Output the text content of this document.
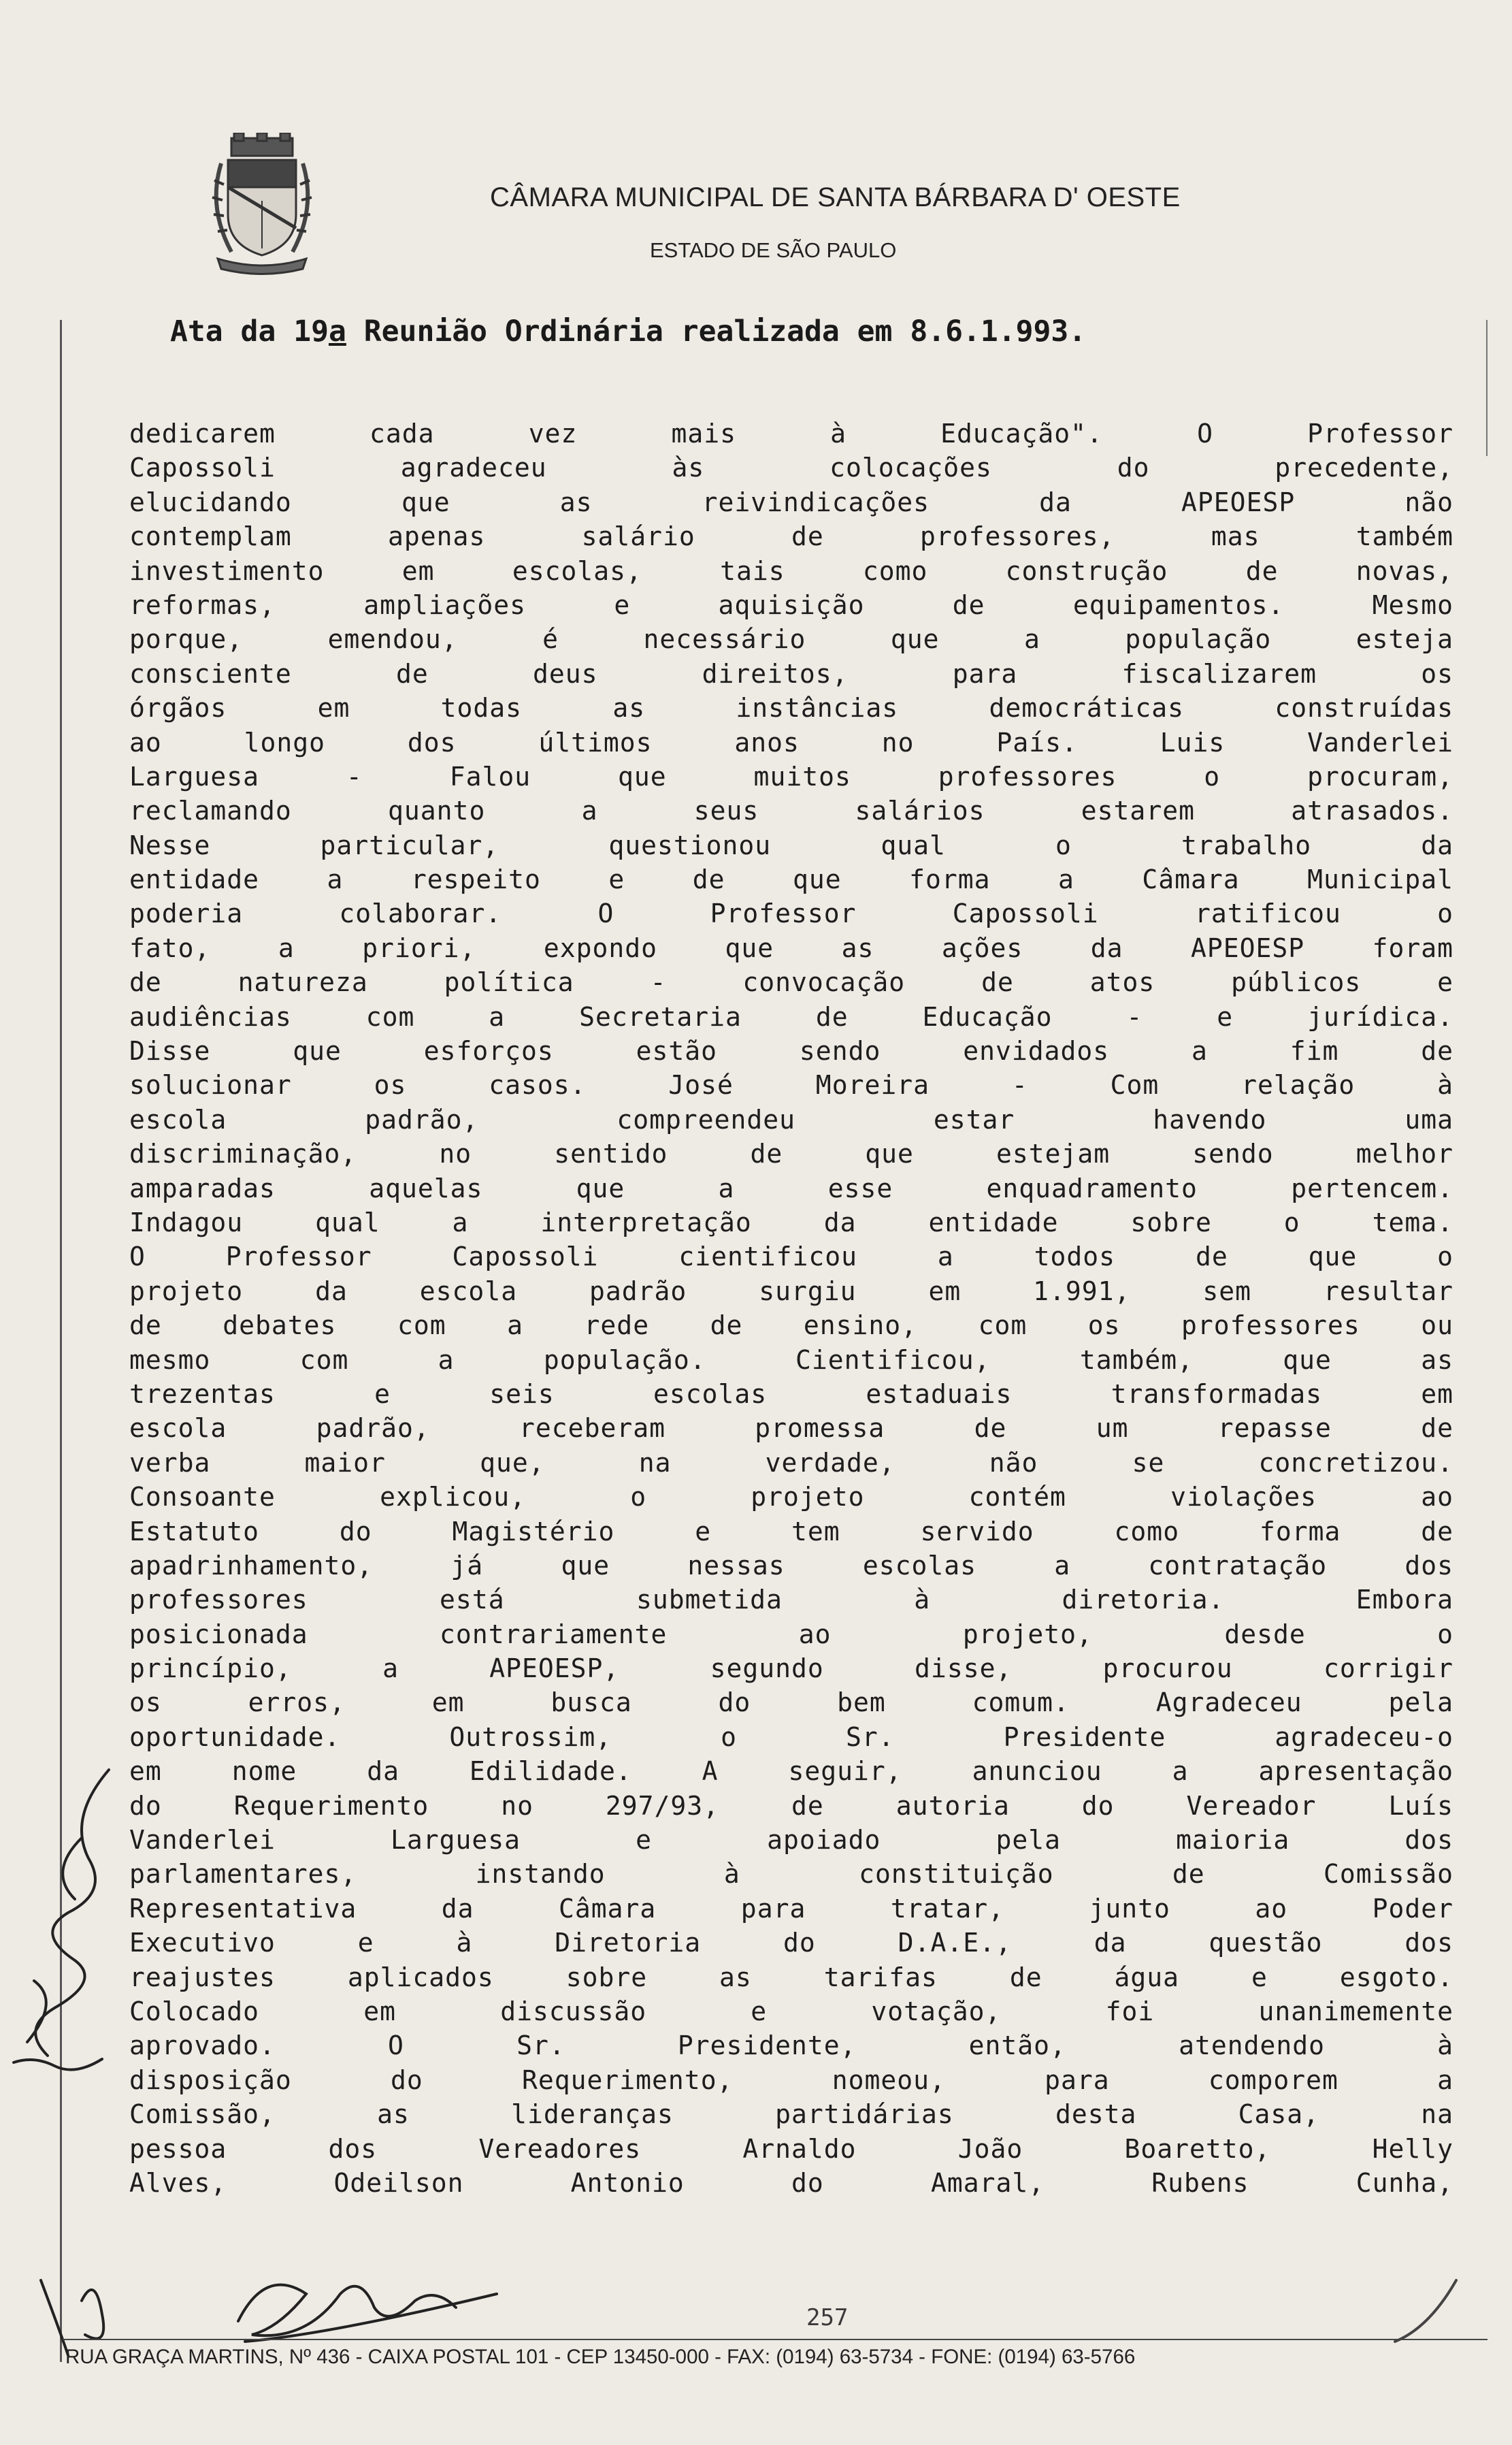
CÂMARA MUNICIPAL DE SANTA BÁRBARA D' OESTE
ESTADO DE SÃO PAULO
Ata da 19a Reunião Ordinária realizada em 8.6.1.993.
dedicarem cada vez mais à Educação". O Professor
Capossoli agradeceu às colocações do precedente,
elucidando que as reivindicações da APEOESP não
contemplam apenas salário de professores, mas também
investimento em escolas, tais como construção de novas,
reformas, ampliações e aquisição de equipamentos. Mesmo
porque, emendou, é necessário que a população esteja
consciente de deus direitos, para fiscalizarem os
órgãos em todas as instâncias democráticas construídas
ao longo dos últimos anos no País. Luis Vanderlei
Larguesa - Falou que muitos professores o procuram,
reclamando quanto a seus salários estarem atrasados.
Nesse particular, questionou qual o trabalho da
entidade a respeito e de que forma a Câmara Municipal
poderia colaborar. O Professor Capossoli ratificou o
fato, a priori, expondo que as ações da APEOESP foram
de natureza política - convocação de atos públicos e
audiências com a Secretaria de Educação - e jurídica.
Disse que esforços estão sendo envidados a fim de
solucionar os casos. José Moreira - Com relação à
escola padrão, compreendeu estar havendo uma
discriminação, no sentido de que estejam sendo melhor
amparadas aquelas que a esse enquadramento pertencem.
Indagou qual a interpretação da entidade sobre o tema.
O Professor Capossoli cientificou a todos de que o
projeto da escola padrão surgiu em 1.991, sem resultar
de debates com a rede de ensino, com os professores ou
mesmo com a população. Cientificou, também, que as
trezentas e seis escolas estaduais transformadas em
escola padrão, receberam promessa de um repasse de
verba maior que, na verdade, não se concretizou.
Consoante explicou, o projeto contém violações ao
Estatuto do Magistério e tem servido como forma de
apadrinhamento, já que nessas escolas a contratação dos
professores está submetida à diretoria. Embora
posicionada contrariamente ao projeto, desde o
princípio, a APEOESP, segundo disse, procurou corrigir
os erros, em busca do bem comum. Agradeceu pela
oportunidade. Outrossim, o Sr. Presidente agradeceu-o
em nome da Edilidade. A seguir, anunciou a apresentação
do Requerimento no 297/93, de autoria do Vereador Luís
Vanderlei Larguesa e apoiado pela maioria dos
parlamentares, instando à constituição de Comissão
Representativa da Câmara para tratar, junto ao Poder
Executivo e à Diretoria do D.A.E., da questão dos
reajustes aplicados sobre as tarifas de água e esgoto.
Colocado em discussão e votação, foi unanimemente
aprovado. O Sr. Presidente, então, atendendo à
disposição do Requerimento, nomeou, para comporem a
Comissão, as lideranças partidárias desta Casa, na
pessoa dos Vereadores Arnaldo João Boaretto, Helly
Alves, Odeilson Antonio do Amaral, Rubens Cunha,
257
RUA GRAÇA MARTINS, Nº 436 - CAIXA POSTAL 101 - CEP 13450-000 - FAX: (0194) 63-5734 - FONE: (0194) 63-5766
